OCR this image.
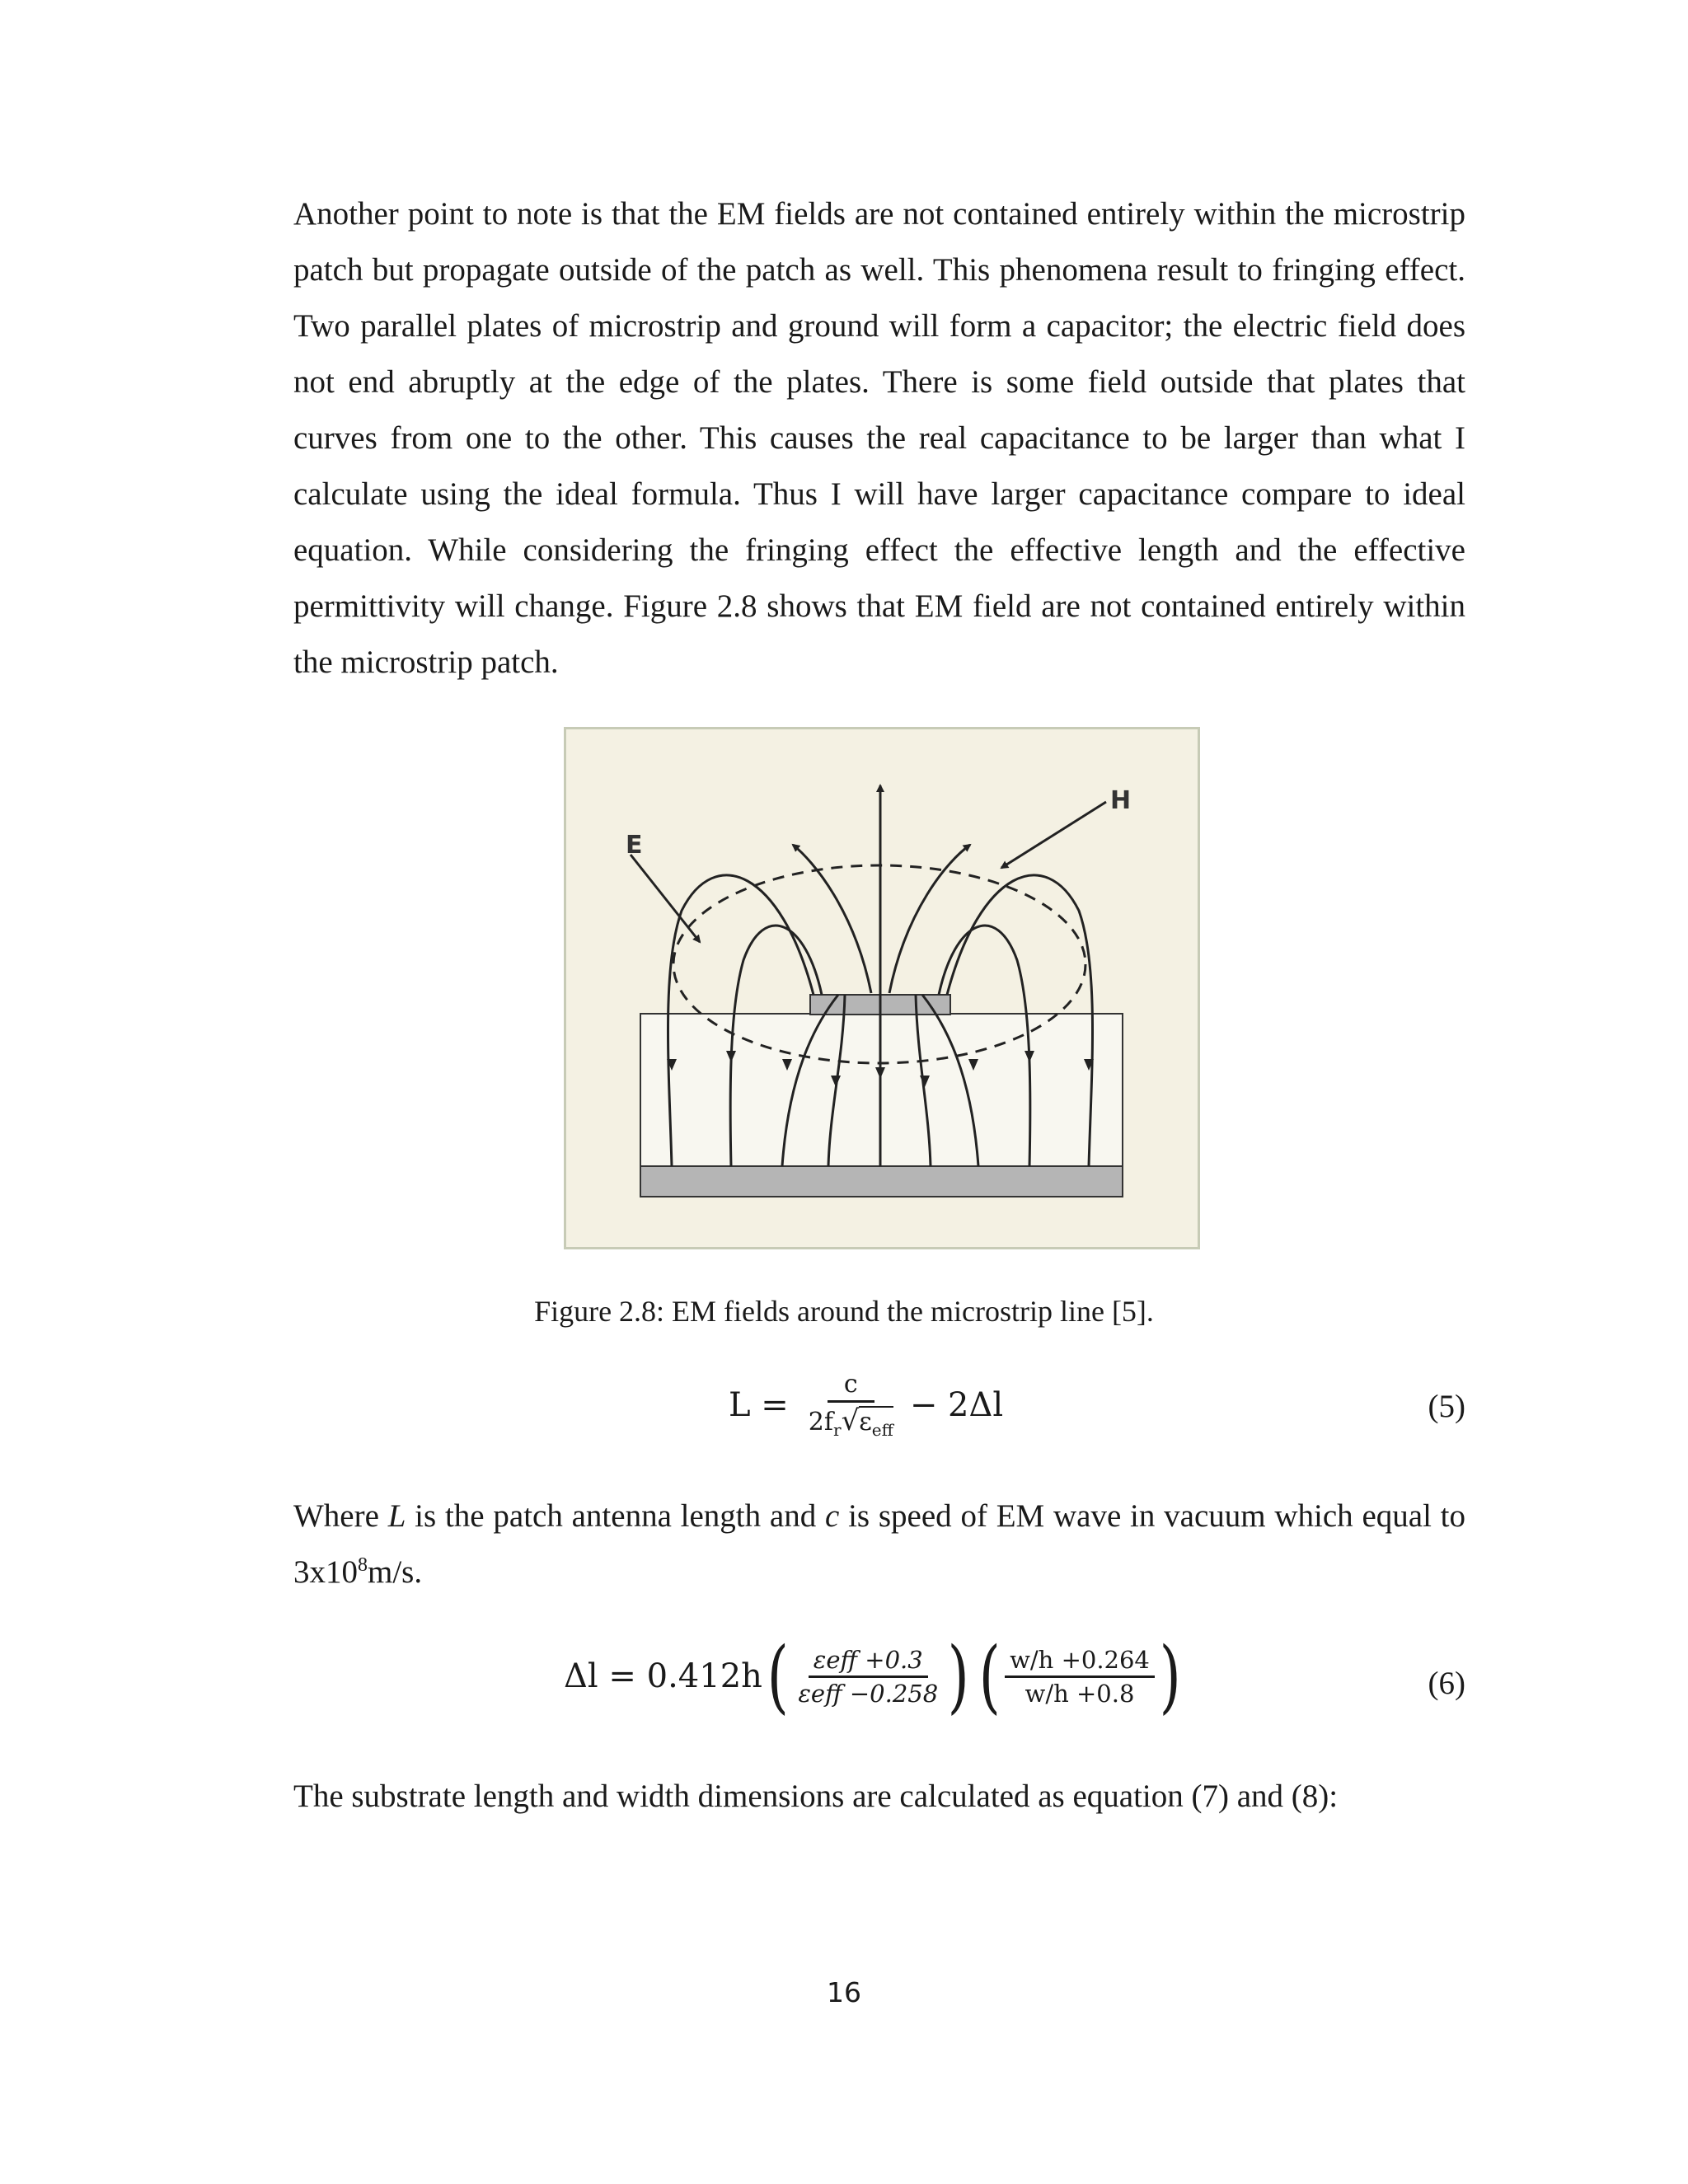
Another point to note is that the EM fields are not contained entirely within the microstrip patch but propagate outside of the patch as well. This phenomena result to fringing effect. Two parallel plates of microstrip and ground will form a capacitor; the electric field does not end abruptly at the edge of the plates. There is some field outside that plates that curves from one to the other. This causes the real capacitance to be larger than what I calculate using the ideal formula. Thus I will have larger capacitance compare to ideal equation. While considering the fringing effect the effective length and the effective permittivity will change. Figure 2.8 shows that EM field are not contained entirely within the microstrip patch.

E
H
Figure 2.8: EM fields around the microstrip line [5].
$L = \frac{c}{2f_r√\varepsilon_{eff}} - 2\Delta l$	(5)
Δl = 0.412h ( $\frac{\text{εeff +0.3}}{\text{εeff −0.258}}$ ) ( $\frac{w/h +0.264}{w/h +0.8}$ )	(6)

Where L is the patch antenna length and c is speed of EM wave in vacuum which equal to $3x10^8m/s$.

The substrate length and width dimensions are calculated as equation (7) and (8):

16
